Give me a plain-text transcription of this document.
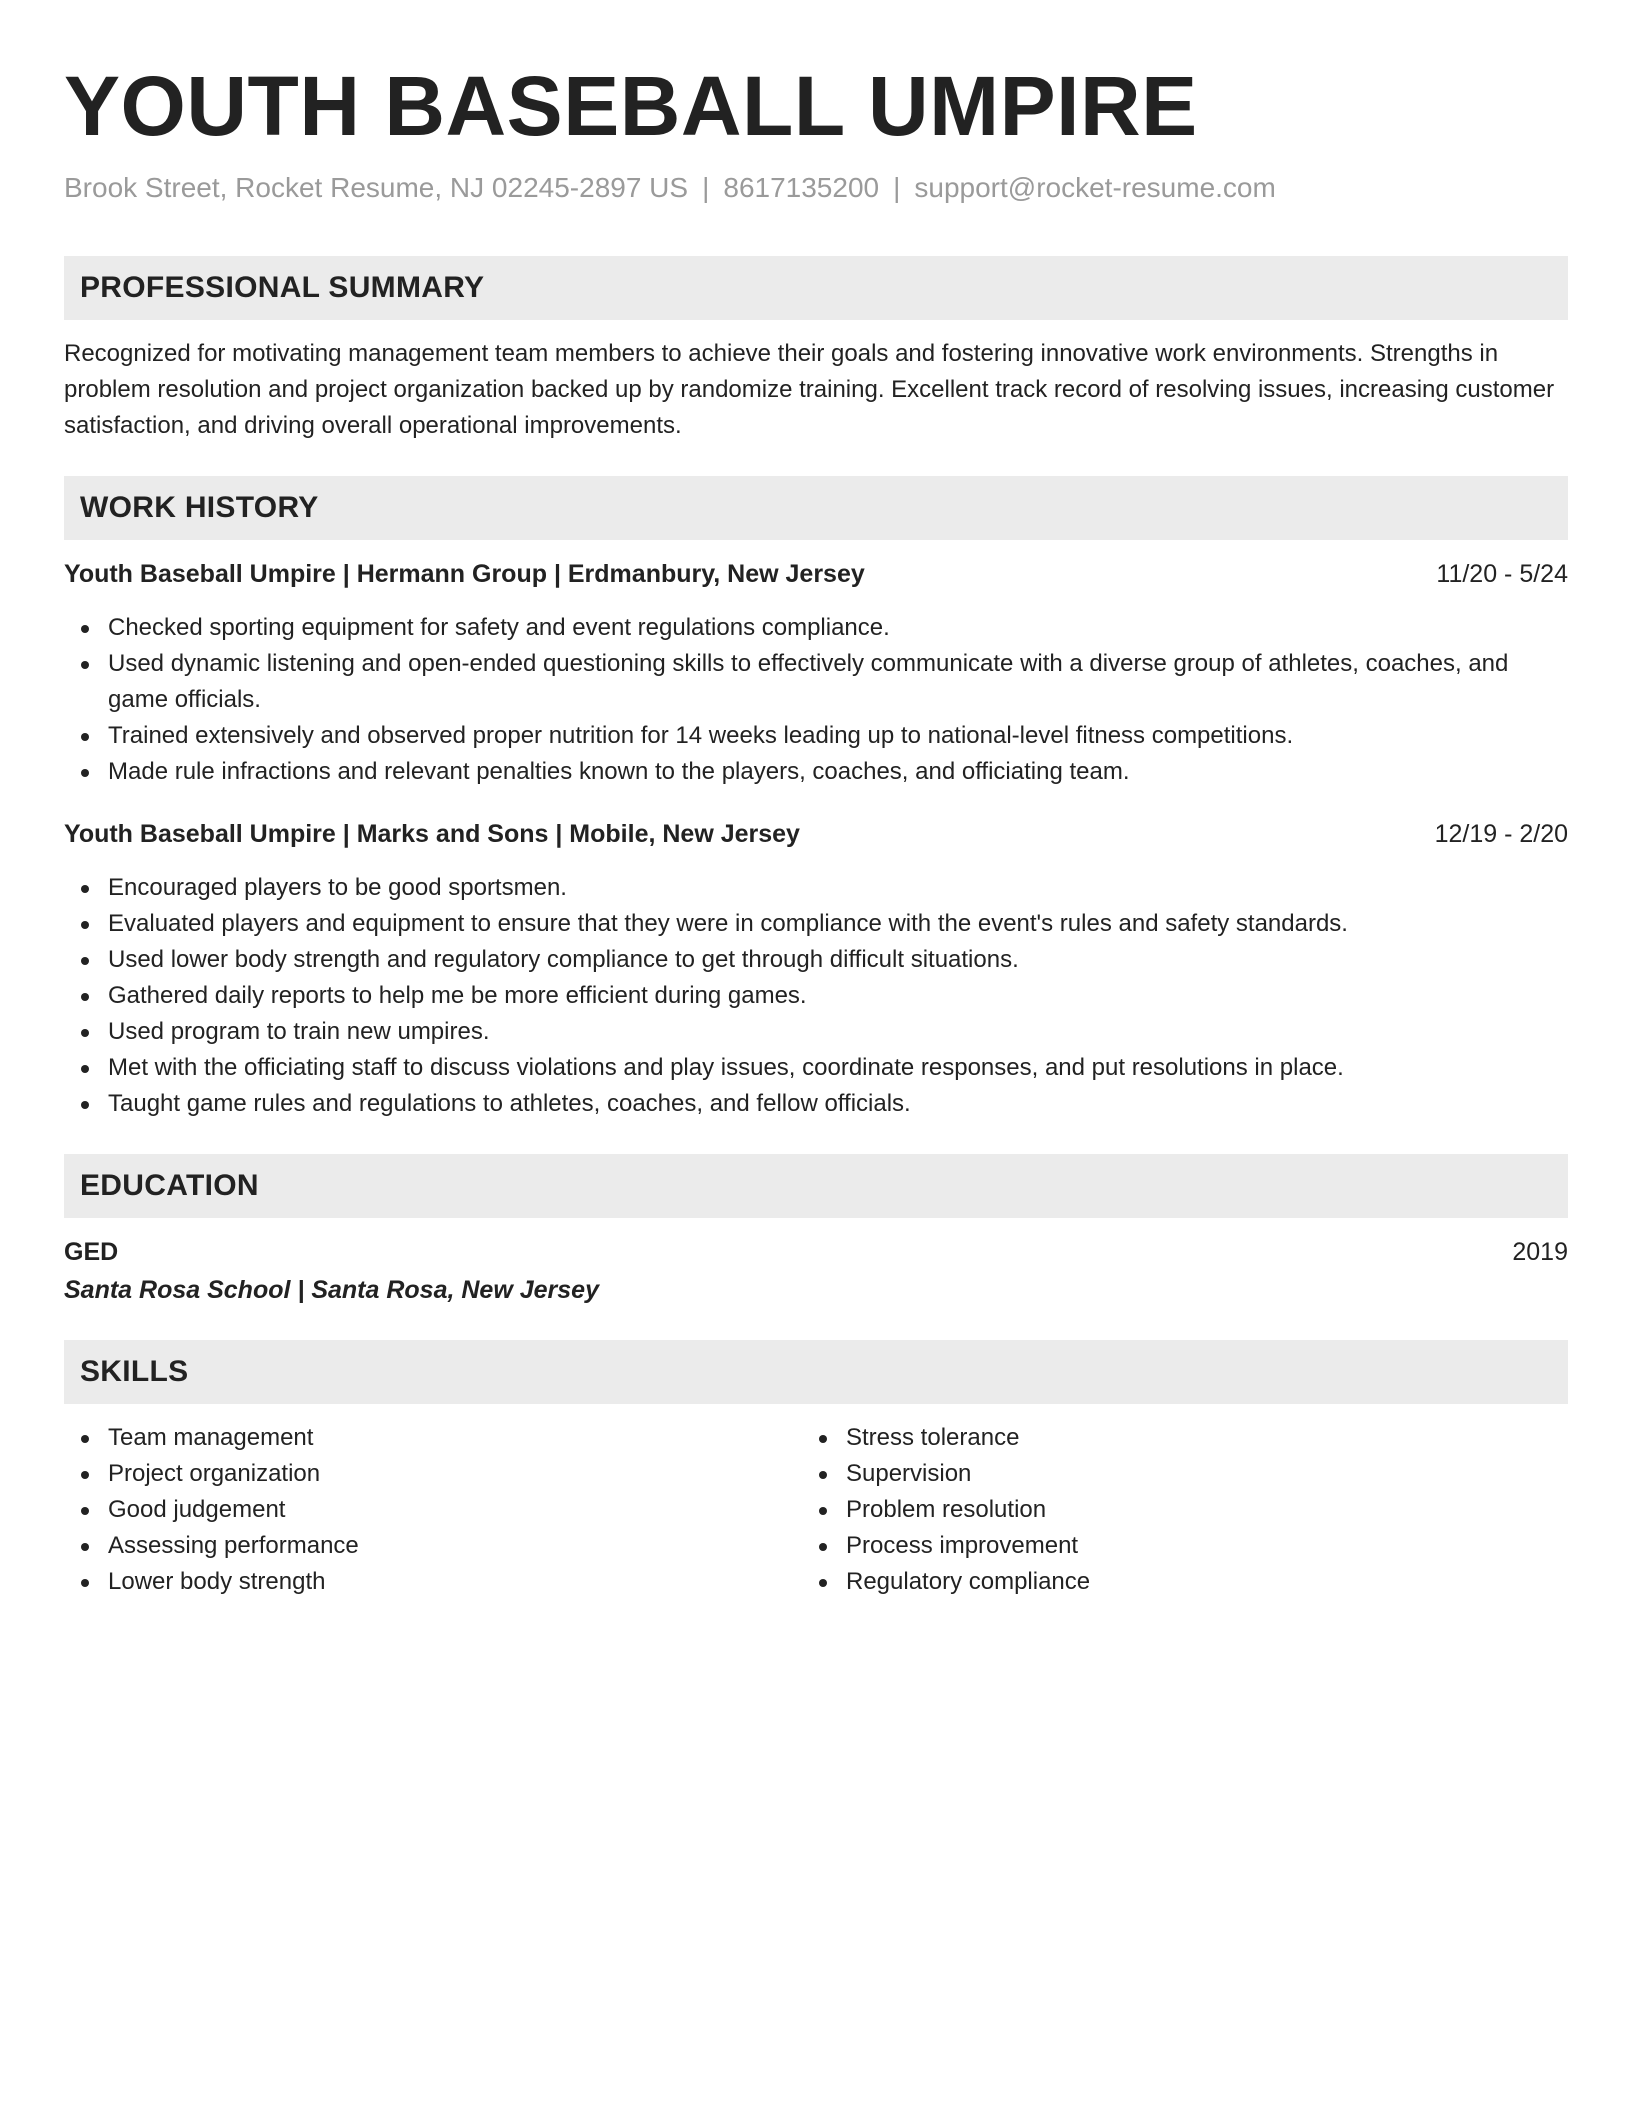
YOUTH BASEBALL UMPIRE
Brook Street, Rocket Resume, NJ 02245-2897 US | 8617135200 | support@rocket-resume.com
PROFESSIONAL SUMMARY

Recognized for motivating management team members to achieve their goals and fostering innovative work environments. Strengths in problem resolution and project organization backed up by randomize training. Excellent track record of resolving issues, increasing customer satisfaction, and driving overall operational improvements.

WORK HISTORY
Youth Baseball Umpire | Hermann Group | Erdmanbury, New Jersey	11/20 - 5/24
Checked sporting equipment for safety and event regulations compliance.
Used dynamic listening and open-ended questioning skills to effectively communicate with a diverse group of athletes, coaches, and game officials.
Trained extensively and observed proper nutrition for 14 weeks leading up to national-level fitness competitions.
Made rule infractions and relevant penalties known to the players, coaches, and officiating team.
Youth Baseball Umpire | Marks and Sons | Mobile, New Jersey	12/19 - 2/20
Encouraged players to be good sportsmen.
Evaluated players and equipment to ensure that they were in compliance with the event's rules and safety standards.
Used lower body strength and regulatory compliance to get through difficult situations.
Gathered daily reports to help me be more efficient during games.
Used program to train new umpires.
Met with the officiating staff to discuss violations and play issues, coordinate responses, and put resolutions in place.
Taught game rules and regulations to athletes, coaches, and fellow officials.
EDUCATION
GED	2019
Santa Rosa School | Santa Rosa, New Jersey
SKILLS
Team management
Project organization
Good judgement
Assessing performance
Lower body strength
Stress tolerance
Supervision
Problem resolution
Process improvement
Regulatory compliance
